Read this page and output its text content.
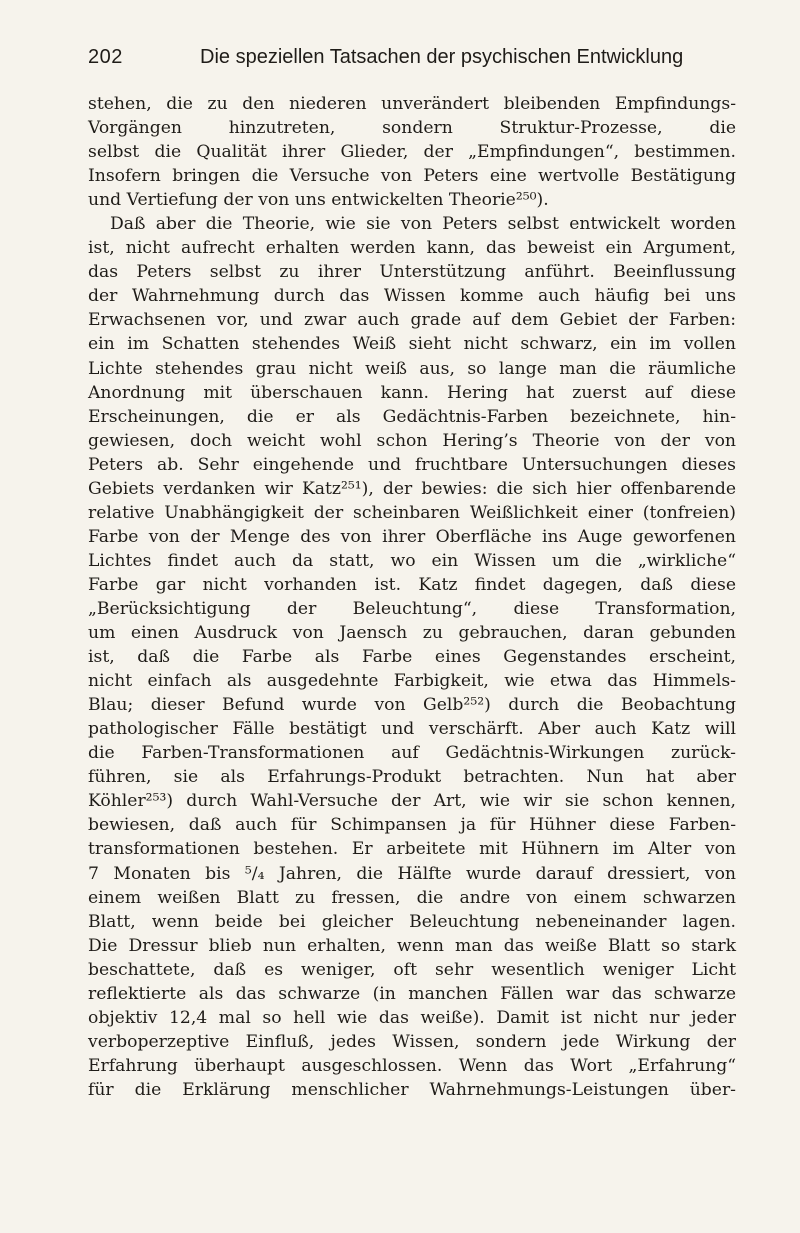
202	Die speziellen Tatsachen der psychischen Entwicklung
stehen, die zu den niederen unverändert bleibenden Empfindungs-
Vorgängen hinzutreten, sondern Struktur-Prozesse, die
selbst die Qualität ihrer Glieder, der „Empfindungen“, bestimmen.
Insofern bringen die Versuche von Peters eine wertvolle Bestätigung
und Vertiefung der von uns entwickelten Theorie²⁵⁰).
Daß aber die Theorie, wie sie von Peters selbst entwickelt worden
ist, nicht aufrecht erhalten werden kann, das beweist ein Argument,
das Peters selbst zu ihrer Unterstützung anführt. Beeinflussung
der Wahrnehmung durch das Wissen komme auch häufig bei uns
Erwachsenen vor, und zwar auch grade auf dem Gebiet der Farben:
ein im Schatten stehendes Weiß sieht nicht schwarz, ein im vollen
Lichte stehendes grau nicht weiß aus, so lange man die räumliche
Anordnung mit überschauen kann. Hering hat zuerst auf diese
Erscheinungen, die er als Gedächtnis-Farben bezeichnete, hin-
gewiesen, doch weicht wohl schon Hering’s Theorie von der von
Peters ab. Sehr eingehende und fruchtbare Untersuchungen dieses
Gebiets verdanken wir Katz²⁵¹), der bewies: die sich hier offenbarende
relative Unabhängigkeit der scheinbaren Weißlichkeit einer (tonfreien)
Farbe von der Menge des von ihrer Oberfläche ins Auge geworfenen
Lichtes findet auch da statt, wo ein Wissen um die „wirkliche“
Farbe gar nicht vorhanden ist. Katz findet dagegen, daß diese
„Berücksichtigung der Beleuchtung“, diese Transformation,
um einen Ausdruck von Jaensch zu gebrauchen, daran gebunden
ist, daß die Farbe als Farbe eines Gegenstandes erscheint,
nicht einfach als ausgedehnte Farbigkeit, wie etwa das Himmels-
Blau; dieser Befund wurde von Gelb²⁵²) durch die Beobachtung
pathologischer Fälle bestätigt und verschärft. Aber auch Katz will
die Farben-Transformationen auf Gedächtnis-Wirkungen zurück-
führen, sie als Erfahrungs-Produkt betrachten. Nun hat aber
Köhler²⁵³) durch Wahl-Versuche der Art, wie wir sie schon kennen,
bewiesen, daß auch für Schimpansen ja für Hühner diese Farben-
transformationen bestehen. Er arbeitete mit Hühnern im Alter von
7 Monaten bis ⁵/₄ Jahren, die Hälfte wurde darauf dressiert, von
einem weißen Blatt zu fressen, die andre von einem schwarzen
Blatt, wenn beide bei gleicher Beleuchtung nebeneinander lagen.
Die Dressur blieb nun erhalten, wenn man das weiße Blatt so stark
beschattete, daß es weniger, oft sehr wesentlich weniger Licht
reflektierte als das schwarze (in manchen Fällen war das schwarze
objektiv 12,4 mal so hell wie das weiße). Damit ist nicht nur jeder
verboperzeptive Einfluß, jedes Wissen, sondern jede Wirkung der
Erfahrung überhaupt ausgeschlossen. Wenn das Wort „Erfahrung“
für die Erklärung menschlicher Wahrnehmungs-Leistungen über-
